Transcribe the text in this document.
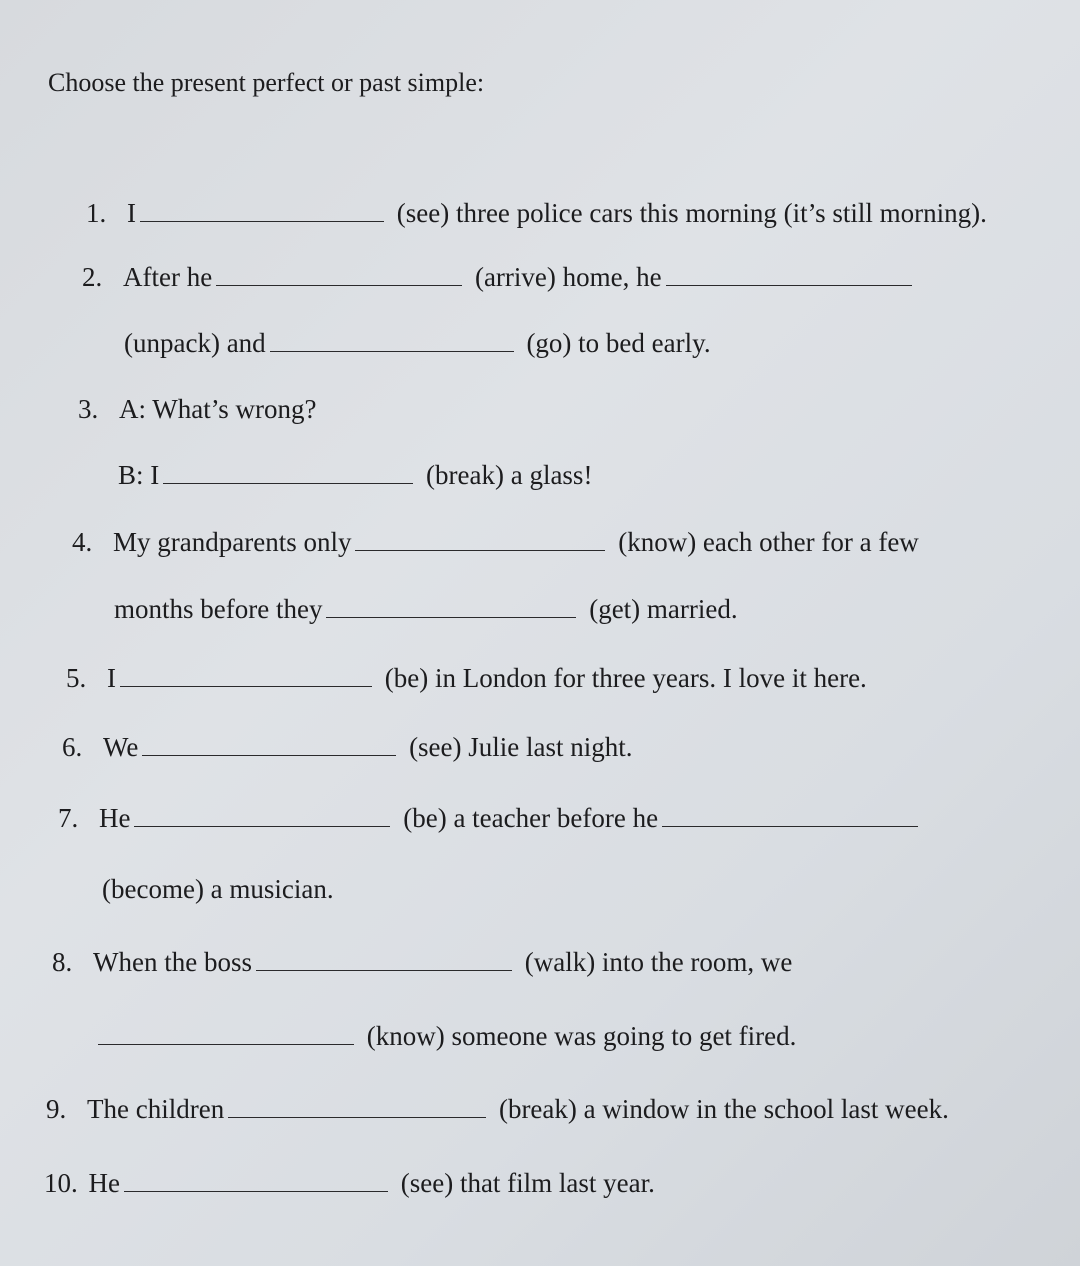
Choose the present perfect or past simple:
1. I	(see) three police cars this morning (it’s still morning).
2. After he	(arrive) home, he
(unpack) and	(go) to bed early.
3. A: What’s wrong?
B: I	(break) a glass!
4. My grandparents only	(know) each other for a few
months before they	(get) married.
5. I	(be) in London for three years. I love it here.
6. We	(see) Julie last night.
7. He	(be) a teacher before he
(become) a musician.
8. When the boss	(walk) into the room, we
(know) someone was going to get fired.
9. The children	(break) a window in the school last week.
10. He	(see) that film last year.
